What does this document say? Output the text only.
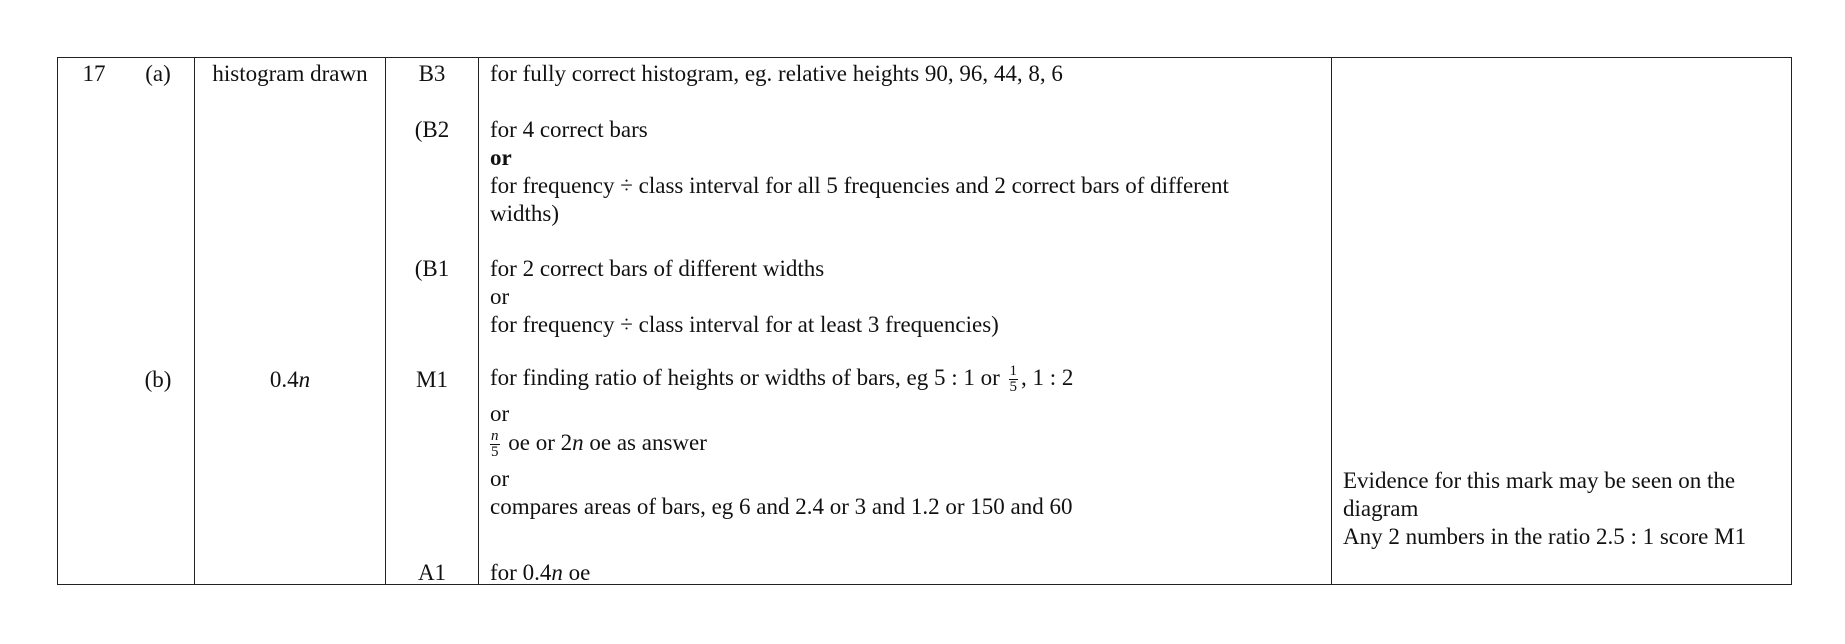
17 (a)
(b)
histogram drawn
0.4n
B3
(B2
(B1
M1
A1
for fully correct histogram, eg. relative heights 90, 96, 44, 8, 6
for 4 correct bars
or
for frequency ÷ class interval for all 5 frequencies and 2 correct bars of different
widths)
for 2 correct bars of different widths
or
for frequency ÷ class interval for at least 3 frequencies)
for finding ratio of heights or widths of bars, eg 5 : 1 or $\frac{1}{5}$ , 1 : 2
or
$\frac{n}{5}$ oe or 2n oe as answer
or
compares areas of bars, eg 6 and 2.4 or 3 and 1.2 or 150 and 60
for 0.4n oe
Evidence for this mark may be seen on the
diagram
Any 2 numbers in the ratio 2.5 : 1 score M1
